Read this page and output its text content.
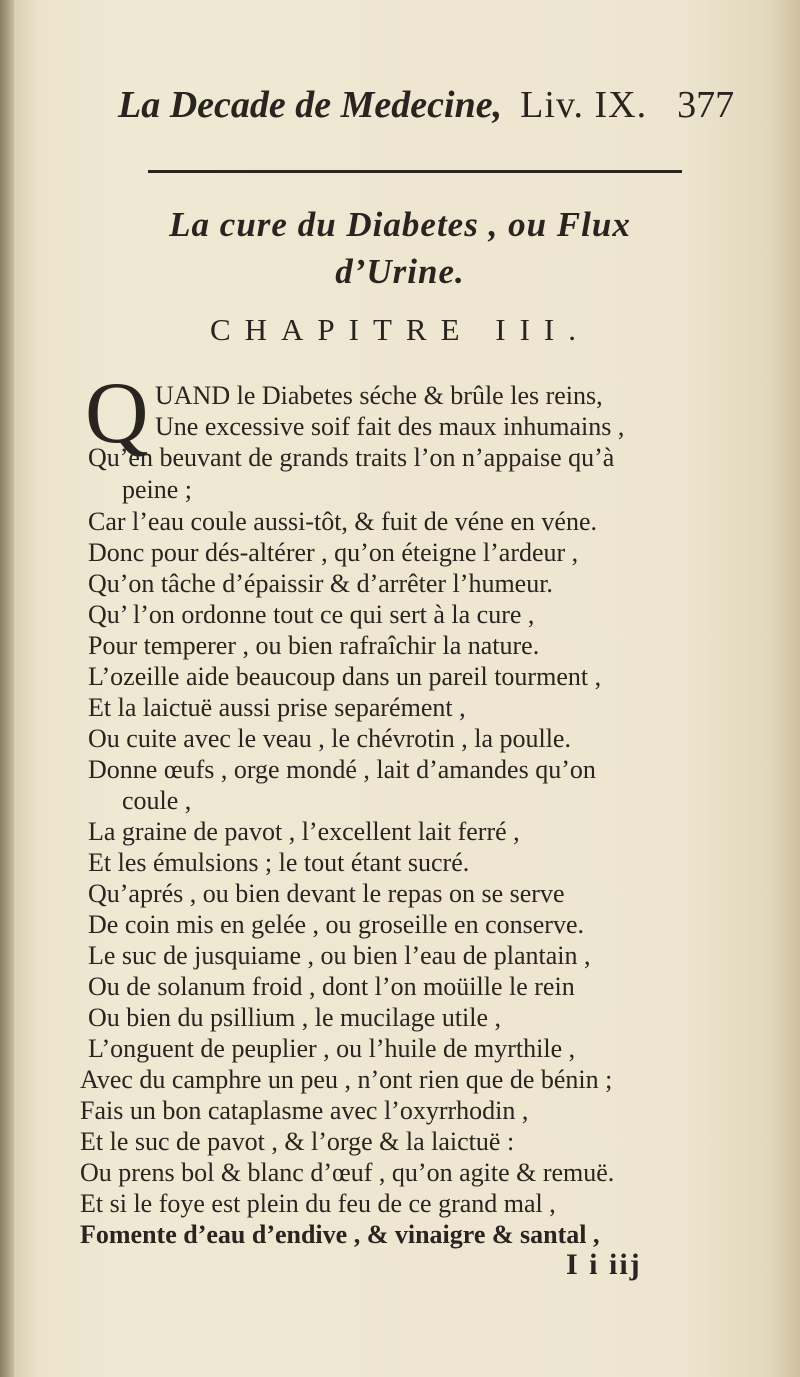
La Decade de Medecine, Liv. IX. 377
La cure du Diabetes , ou Flux
d’Urine.
CHAPITRE III.
Q UAND le Diabetes séche & brûle les reins,

Une excessive soif fait des maux inhumains ,

Qu’en beuvant de grands traits l’on n’appaise qu’à

peine ;

Car l’eau coule aussi-tôt, & fuit de véne en véne.

Donc pour dés-altérer , qu’on éteigne l’ardeur ,

Qu’on tâche d’épaissir & d’arrêter l’humeur.

Qu’ l’on ordonne tout ce qui sert à la cure ,

Pour temperer , ou bien rafraîchir la nature.

L’ozeille aide beaucoup dans un pareil tourment ,

Et la laictuë aussi prise separément ,

Ou cuite avec le veau , le chévrotin , la poulle.

Donne œufs , orge mondé , lait d’amandes qu’on

coule ,

La graine de pavot , l’excellent lait ferré ,

Et les émulsions ; le tout étant sucré.

Qu’aprés , ou bien devant le repas on se serve

De coin mis en gelée , ou groseille en conserve.

Le suc de jusquiame , ou bien l’eau de plantain ,

Ou de solanum froid , dont l’on moüille le rein

Ou bien du psillium , le mucilage utile ,

L’onguent de peuplier , ou l’huile de myrthile ,

Avec du camphre un peu , n’ont rien que de bénin ;

Fais un bon cataplasme avec l’oxyrrhodin ,

Et le suc de pavot , & l’orge & la laictuë :

Ou prens bol & blanc d’œuf , qu’on agite & remuë.

Et si le foye est plein du feu de ce grand mal ,

Fomente d’eau d’endive , & vinaigre & santal ,

I i iij
